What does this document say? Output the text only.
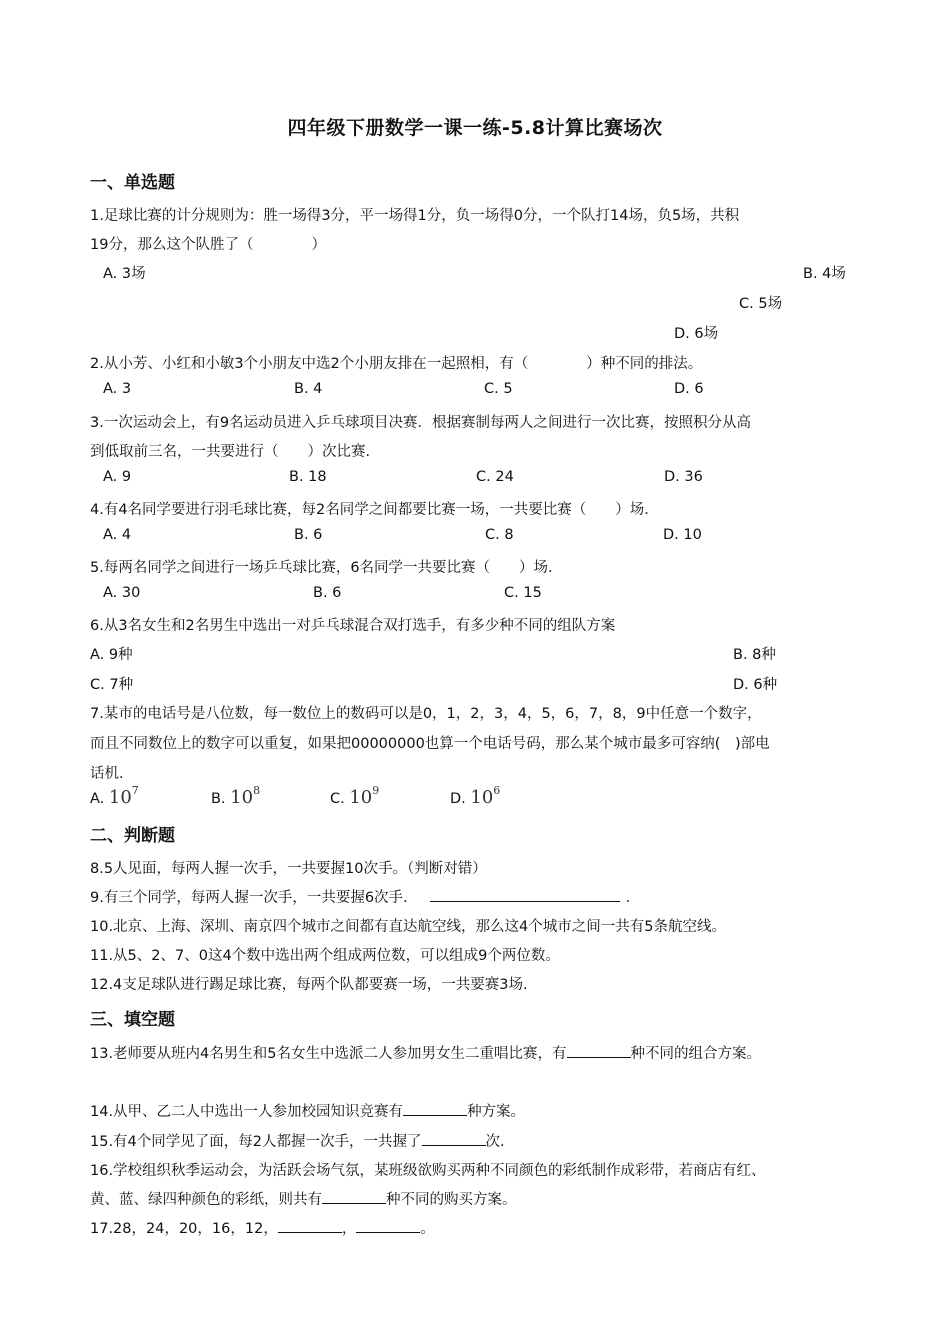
四年级下册数学一课一练-5.8计算比赛场次
一、单选题
1.足球比赛的计分规则为：胜一场得3分，平一场得1分，负一场得0分，一个队打14场，负5场，共积
19分，那么这个队胜了（　　　　）
A. 3场	B. 4场
C. 5场
D. 6场
2.从小芳、小红和小敏3个小朋友中选2个小朋友排在一起照相，有（　　　　）种不同的排法。
A. 3	B. 4	C. 5	D. 6
3.一次运动会上，有9名运动员进入乒乓球项目决赛．根据赛制每两人之间进行一次比赛，按照积分从高
到低取前三名，一共要进行（　　）次比赛．
A. 9	B. 18	C. 24	D. 36
4.有4名同学要进行羽毛球比赛，每2名同学之间都要比赛一场，一共要比赛（　　）场．
A. 4	B. 6	C. 8	D. 10
5.每两名同学之间进行一场乒乓球比赛，6名同学一共要比赛（　　）场．
A. 30	B. 6	C. 15
6.从3名女生和2名男生中选出一对乒乓球混合双打选手，有多少种不同的组队方案
A. 9种	B. 8种
C. 7种	D. 6种
7.某市的电话号是八位数，每一数位上的数码可以是0，1，2，3，4，5，6，7，8，9中任意一个数字，
而且不同数位上的数字可以重复，如果把00000000也算一个电话号码，那么某个城市最多可容纳(　)部电
话机．
A. $10^7$
B. $10^8$
C. $10^9$
D. $10^6$
二、判断题
8.5人见面，每两人握一次手，一共要握10次手。（判断对错）
9.有三个同学，每两人握一次手，一共要握6次手．	．
10.北京、上海、深圳、南京四个城市之间都有直达航空线，那么这4个城市之间一共有5条航空线。
11.从5、2、7、0这4个数中选出两个组成两位数，可以组成9个两位数。
12.4支足球队进行踢足球比赛，每两个队都要赛一场，一共要赛3场.
三、填空题
13.老师要从班内4名男生和5名女生中选派二人参加男女生二重唱比赛，有	种不同的组合方案。
14.从甲、乙二人中选出一人参加校园知识竞赛有	种方案。
15.有4个同学见了面，每2人都握一次手，一共握了	次．
16.学校组织秋季运动会，为活跃会场气氛，某班级欲购买两种不同颜色的彩纸制作成彩带，若商店有红、
黄、蓝、绿四种颜色的彩纸，则共有	种不同的购买方案。
17.28，24，20，16，12，	，	。
